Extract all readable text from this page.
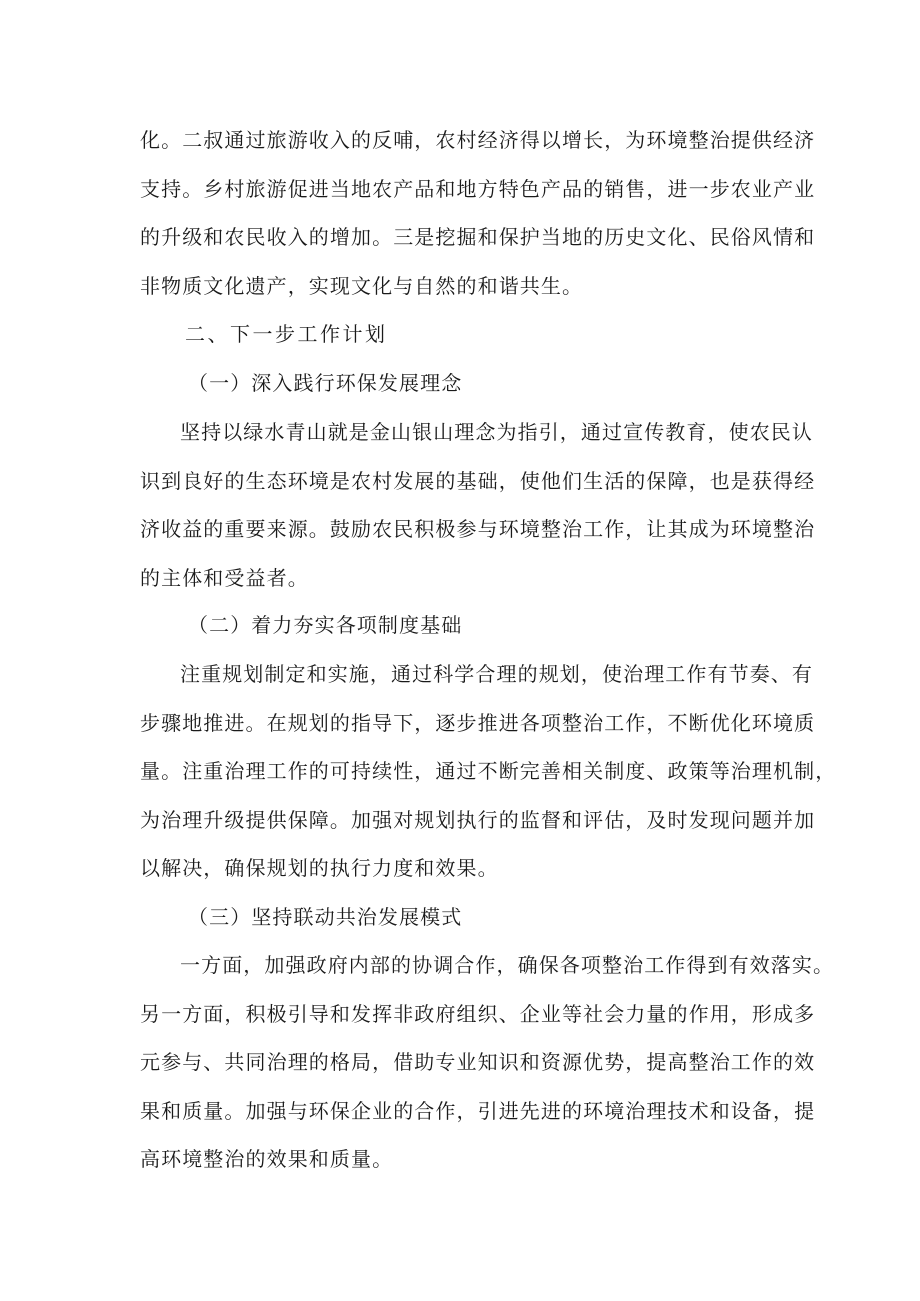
化。二叔通过旅游收入的反哺，农村经济得以增长，为环境整治提供经济
支持。乡村旅游促进当地农产品和地方特色产品的销售，进一步农业产业
的升级和农民收入的增加。三是挖掘和保护当地的历史文化、民俗风情和
非物质文化遗产，实现文化与自然的和谐共生。

二、下一步工作计划
（一）深入践行环保发展理念

坚持以绿水青山就是金山银山理念为指引，通过宣传教育，使农民认
识到良好的生态环境是农村发展的基础，使他们生活的保障，也是获得经
济收益的重要来源。鼓励农民积极参与环境整治工作，让其成为环境整治
的主体和受益者。

（二）着力夯实各项制度基础

注重规划制定和实施，通过科学合理的规划，使治理工作有节奏、有
步骤地推进。在规划的指导下，逐步推进各项整治工作，不断优化环境质
量。注重治理工作的可持续性，通过不断完善相关制度、政策等治理机制，
为治理升级提供保障。加强对规划执行的监督和评估，及时发现问题并加
以解决，确保规划的执行力度和效果。

（三）坚持联动共治发展模式

一方面，加强政府内部的协调合作，确保各项整治工作得到有效落实。
另一方面，积极引导和发挥非政府组织、企业等社会力量的作用，形成多
元参与、共同治理的格局，借助专业知识和资源优势，提高整治工作的效
果和质量。加强与环保企业的合作，引进先进的环境治理技术和设备，提
高环境整治的效果和质量。
